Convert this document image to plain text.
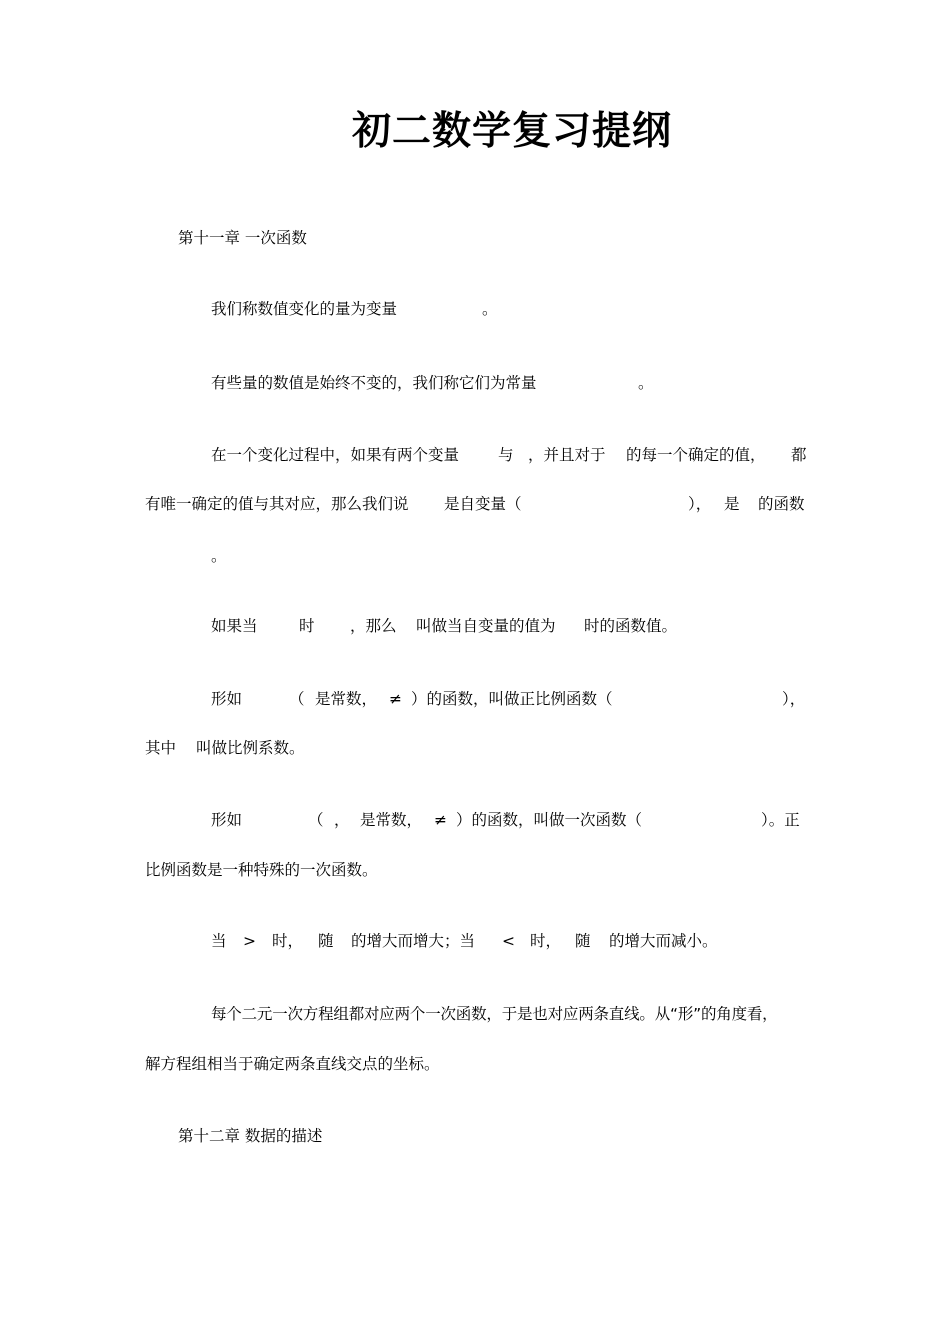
初二数学复习提纲
第十一章 一次函数
我们称数值变化的量为变量	。
有些量的数值是始终不变的，我们称它们为常量	。
在一个变化过程中，如果有两个变量	与 ，并且对于 的每一个确定的值， 都
有唯一确定的值与其对应，那么我们说 是自变量（	）， 是 的函数
。
如果当	时 ，那么 叫做当自变量的值为 时的函数值。
形如	（ 是常数， ≠ ）的函数，叫做正比例函数（	），
其中 叫做比例系数。
形如	（ ， 是常数， ≠ ）的函数，叫做一次函数（	）。正
比例函数是一种特殊的一次函数。
当 > 时， 随 的增大而增大；当 < 时， 随 的增大而减小。
每个二元一次方程组都对应两个一次函数，于是也对应两条直线。从“形”的角度看，
解方程组相当于确定两条直线交点的坐标。
第十二章 数据的描述
